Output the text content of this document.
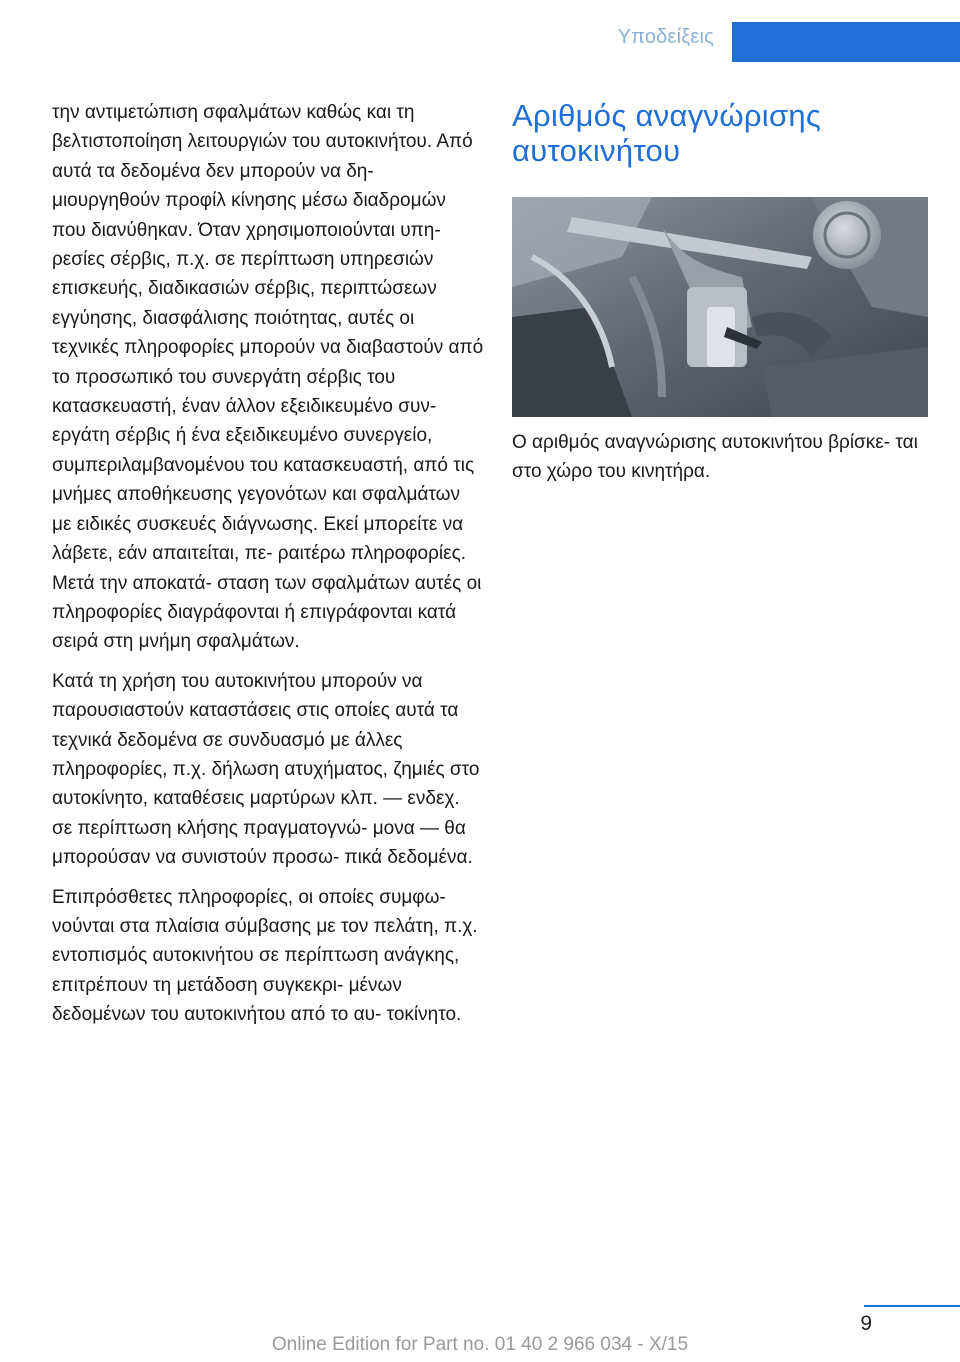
Υποδείξεις

την αντιμετώπιση σφαλμάτων καθώς και τη βελτιστοποίηση λειτουργιών του αυτοκινήτου. Από αυτά τα δεδομένα δεν μπορούν να δη‐ μιουργηθούν προφίλ κίνησης μέσω διαδρομών που διανύθηκαν. Όταν χρησιμοποιούνται υπη‐ ρεσίες σέρβις, π.χ. σε περίπτωση υπηρεσιών επισκευής, διαδικασιών σέρβις, περιπτώσεων εγγύησης, διασφάλισης ποιότητας, αυτές οι τεχνικές πληροφορίες μπορούν να διαβαστούν από το προσωπικό του συνεργάτη σέρβις του κατασκευαστή, έναν άλλον εξειδικευμένο συν‐ εργάτη σέρβις ή ένα εξειδικευμένο συνεργείο, συμπεριλαμβανομένου του κατασκευαστή, από τις μνήμες αποθήκευσης γεγονότων και σφαλμάτων με ειδικές συσκευές διάγνωσης. Εκεί μπορείτε να λάβετε, εάν απαιτείται, πε‐ ραιτέρω πληροφορίες. Μετά την αποκατά‐ σταση των σφαλμάτων αυτές οι πληροφορίες διαγράφονται ή επιγράφονται κατά σειρά στη μνήμη σφαλμάτων.

Κατά τη χρήση του αυτοκινήτου μπορούν να παρουσιαστούν καταστάσεις στις οποίες αυτά τα τεχνικά δεδομένα σε συνδυασμό με άλλες πληροφορίες, π.χ. δήλωση ατυχήματος, ζημιές στο αυτοκίνητο, καταθέσεις μαρτύρων κλπ. — ενδεχ. σε περίπτωση κλήσης πραγματογνώ‐ μονα — θα μπορούσαν να συνιστούν προσω‐ πικά δεδομένα.

Επιπρόσθετες πληροφορίες, οι οποίες συμφω‐ νούνται στα πλαίσια σύμβασης με τον πελάτη, π.χ. εντοπισμός αυτοκινήτου σε περίπτωση ανάγκης, επιτρέπουν τη μετάδοση συγκεκρι‐ μένων δεδομένων του αυτοκινήτου από το αυ‐ τοκίνητο.

Αριθμός αναγνώρισης αυτοκινήτου

Ο αριθμός αναγνώρισης αυτοκινήτου βρίσκε‐ ται στο χώρο του κινητήρα.

9
Online Edition for Part no. 01 40 2 966 034 - X/15
